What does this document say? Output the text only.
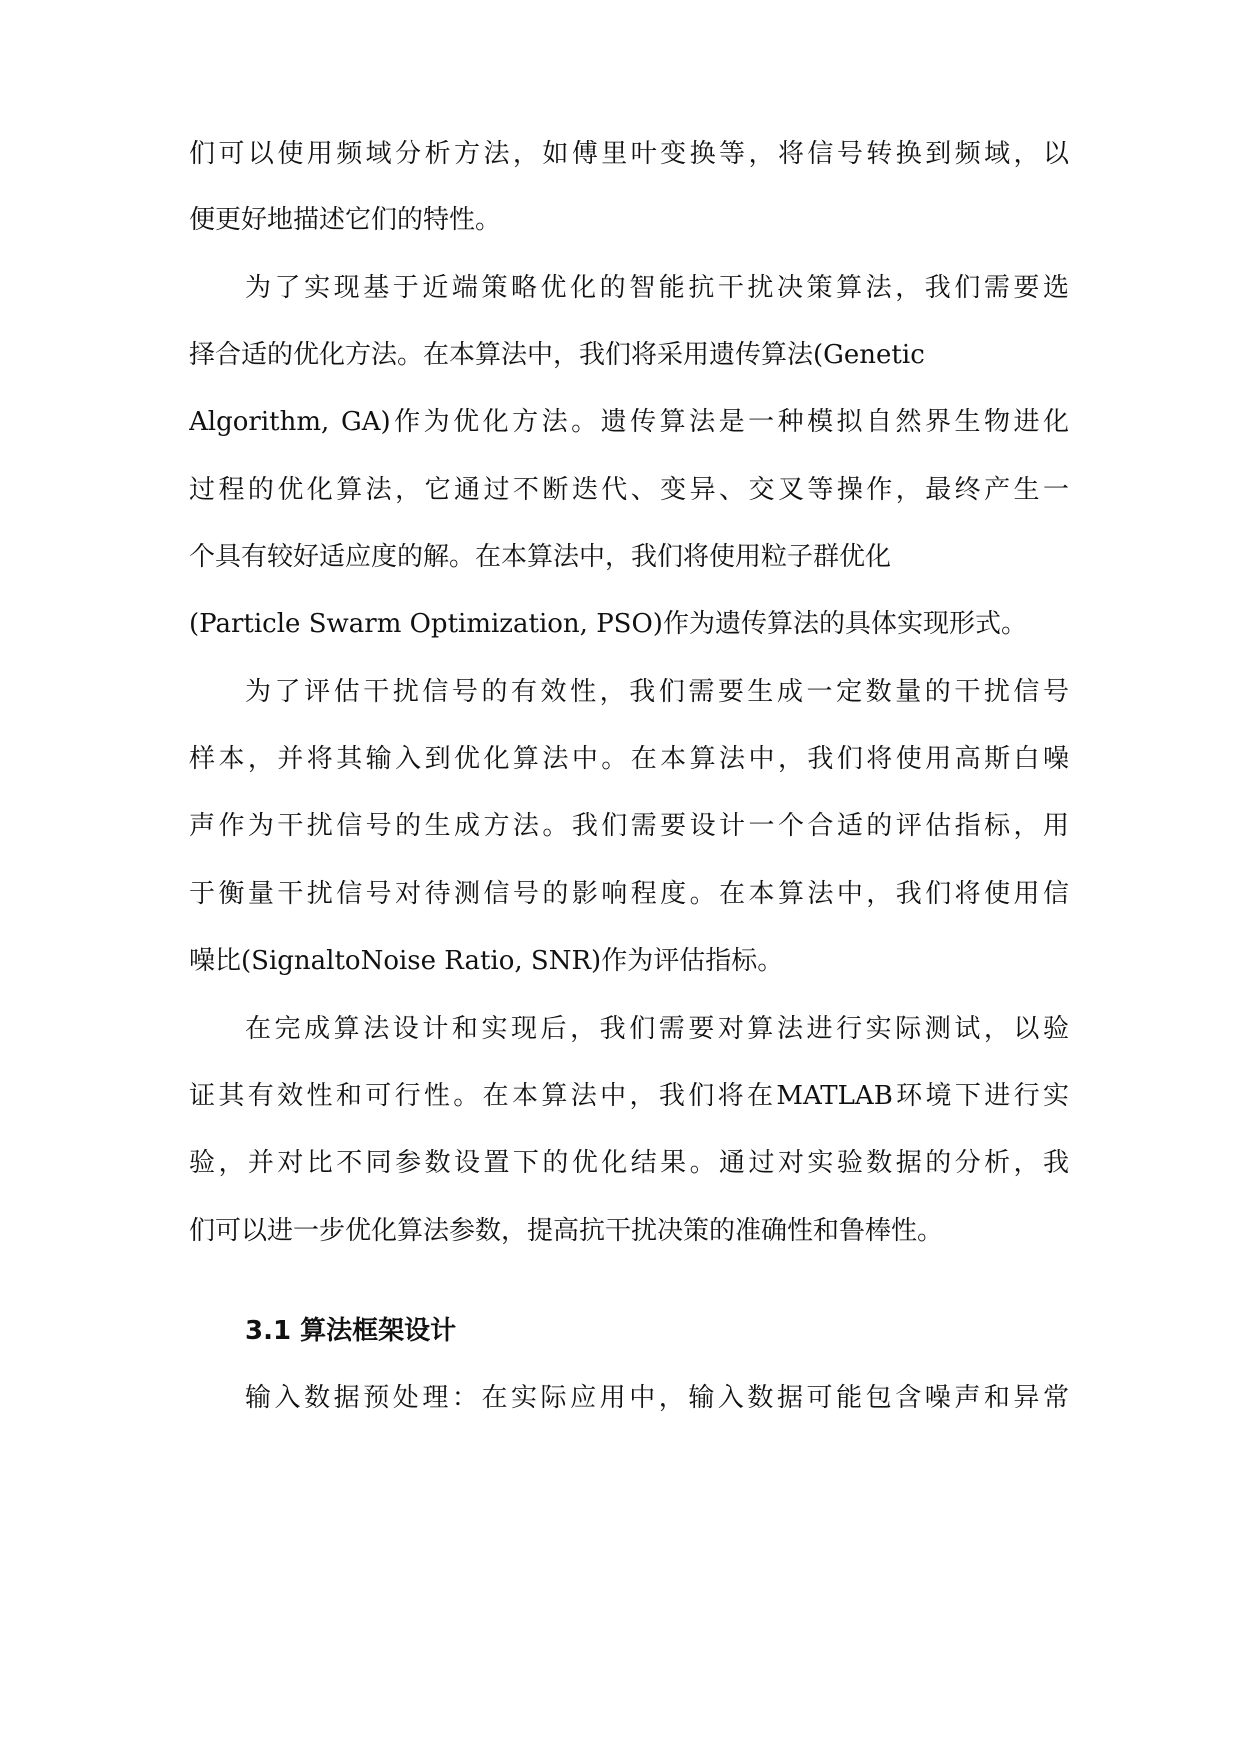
们可以使用频域分析方法，如傅里叶变换等，将信号转换到频域，以
便更好地描述它们的特性。
为了实现基于近端策略优化的智能抗干扰决策算法，我们需要选
择合适的优化方法。在本算法中，我们将采用遗传算法(Genetic
Algorithm, GA)作为优化方法。遗传算法是一种模拟自然界生物进化
过程的优化算法，它通过不断迭代、变异、交叉等操作，最终产生一
个具有较好适应度的解。在本算法中，我们将使用粒子群优化
(Particle Swarm Optimization, PSO)作为遗传算法的具体实现形式。
为了评估干扰信号的有效性，我们需要生成一定数量的干扰信号
样本，并将其输入到优化算法中。在本算法中，我们将使用高斯白噪
声作为干扰信号的生成方法。我们需要设计一个合适的评估指标，用
于衡量干扰信号对待测信号的影响程度。在本算法中，我们将使用信
噪比(SignaltoNoise Ratio, SNR)作为评估指标。
在完成算法设计和实现后，我们需要对算法进行实际测试，以验
证其有效性和可行性。在本算法中，我们将在MATLAB环境下进行实
验，并对比不同参数设置下的优化结果。通过对实验数据的分析，我
们可以进一步优化算法参数，提高抗干扰决策的准确性和鲁棒性。
3.1 算法框架设计
输入数据预处理：在实际应用中，输入数据可能包含噪声和异常
